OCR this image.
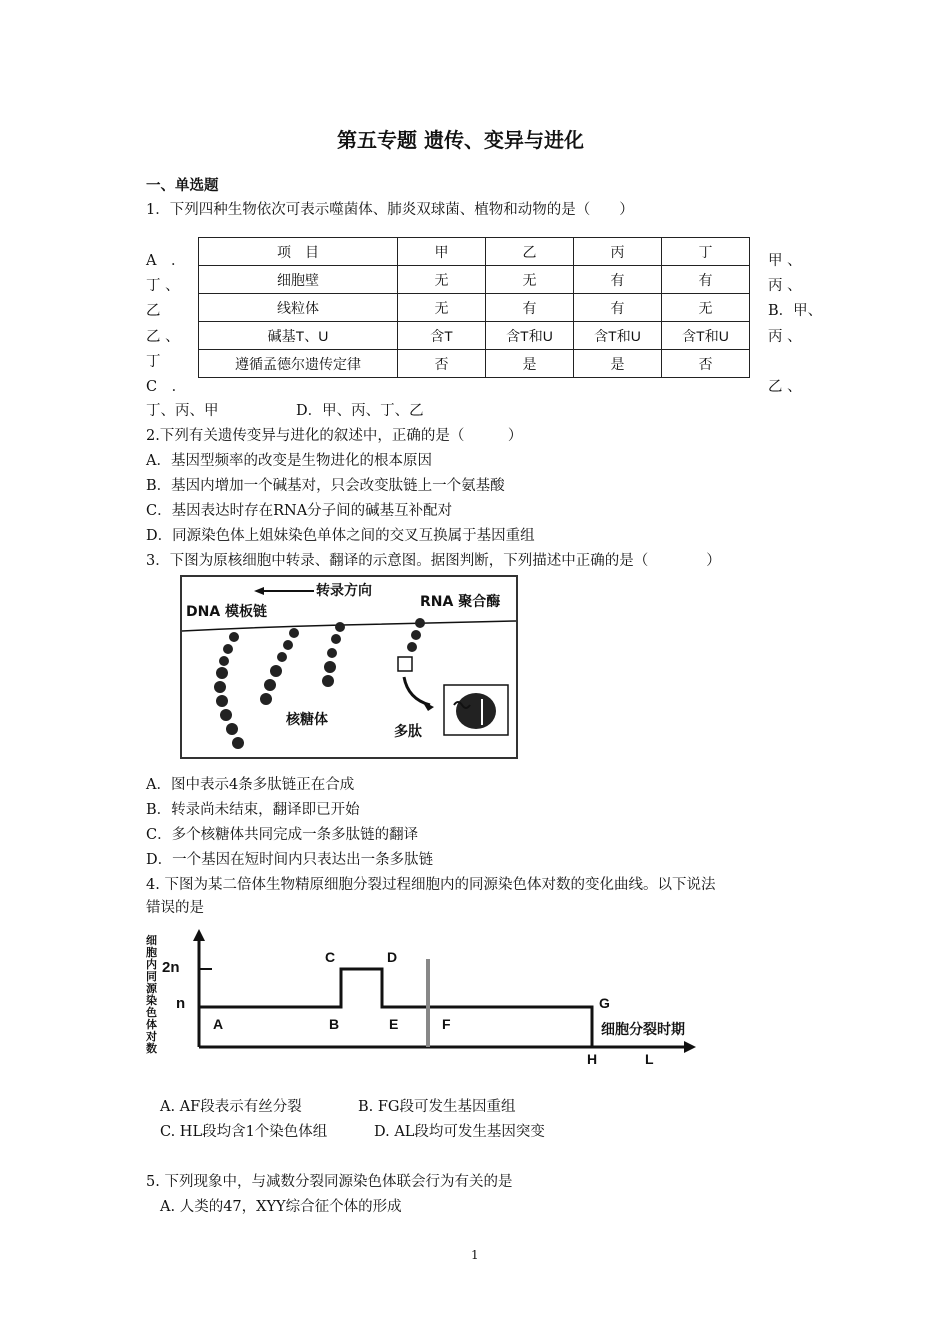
第五专题 遗传、变异与进化
一、单选题
1．下列四种生物依次可表示噬菌体、肺炎双球菌、植物和动物的是（　　）
项　目	甲	乙	丙	丁
细胞壁	无	无	有	有
线粒体	无	有	有	无
碱基T、U	含T	含T和U	含T和U	含T和U
遵循孟德尔遗传定律	否	是	是	否
A　．
丁 、
乙
乙 、
丁
C　．
甲 、
丙 、
B．甲、
丙 、
乙 、
丁、丙、甲	D．甲、丙、丁、乙
2.下列有关遗传变异与进化的叙述中，正确的是（　　　）
A．基因型频率的改变是生物进化的根本原因
B．基因内增加一个碱基对，只会改变肽链上一个氨基酸
C．基因表达时存在RNA分子间的碱基互补配对
D．同源染色体上姐妹染色单体之间的交叉互换属于基因重组
3．下图为原核细胞中转录、翻译的示意图。据图判断，下列描述中正确的是（　　　　）
转录方向
DNA 模板链
RNA 聚合酶
核糖体
多肽
A．图中表示4条多肽链正在合成
B．转录尚未结束，翻译即已开始
C．多个核糖体共同完成一条多肽链的翻译
D．一个基因在短时间内只表达出一条多肽链
4. 下图为某二倍体生物精原细胞分裂过程细胞内的同源染色体对数的变化曲线。以下说法
错误的是
细胞内同源染色体对数
2n
n
A	B
C	D
E	F
G
H	L
细胞分裂时期
A. AF段表示有丝分裂	B. FG段可发生基因重组
C. HL段均含1个染色体组	D. AL段均可发生基因突变
5. 下列现象中，与减数分裂同源染色体联会行为有关的是
A. 人类的47，XYY综合征个体的形成
1
